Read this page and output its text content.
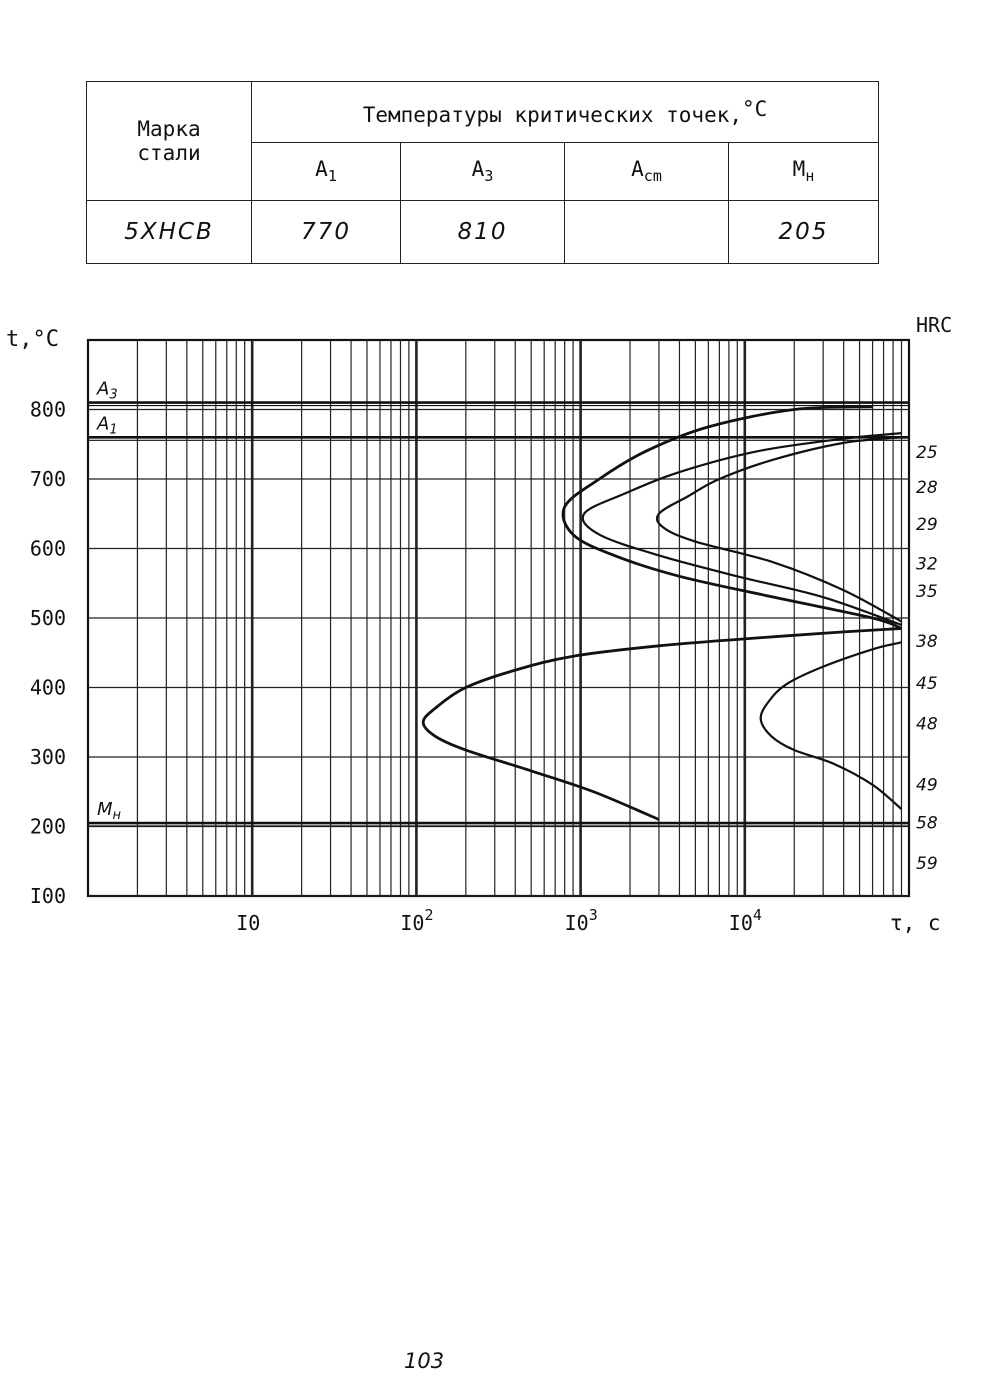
Марка
стали	Температуры критических точек,$^{^\circ C}$
	$A_1$	$A_3$	$A_{cm}$	$M_н$
5ХНСВ	770	810		205
$A_3$
$A_1$
$M_н$
I00
200
300
400
500
600
700
800
I0	$I0^2$	$I0^3$	$I0^4$
t,°C
τ, c
HRC
25
28
29
32
35
38
45
48
49
58
59
103
